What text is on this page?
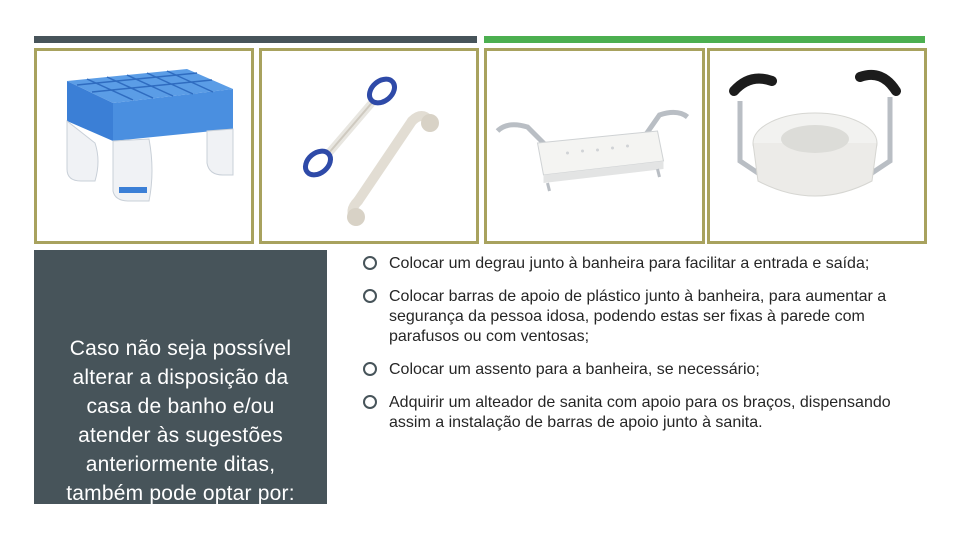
Caso não seja possível alterar a disposição da casa de banho e/ou atender às sugestões anteriormente ditas, também pode optar por:

Colocar um degrau junto à banheira para facilitar a entrada e saída;
Colocar barras de apoio de plástico junto à banheira, para aumentar a segurança da pessoa idosa, podendo estas ser fixas à parede com parafusos ou com ventosas;
Colocar um assento para a banheira, se necessário;
Adquirir um alteador de sanita com apoio para os braços, dispensando assim a instalação de barras de apoio junto à sanita.
